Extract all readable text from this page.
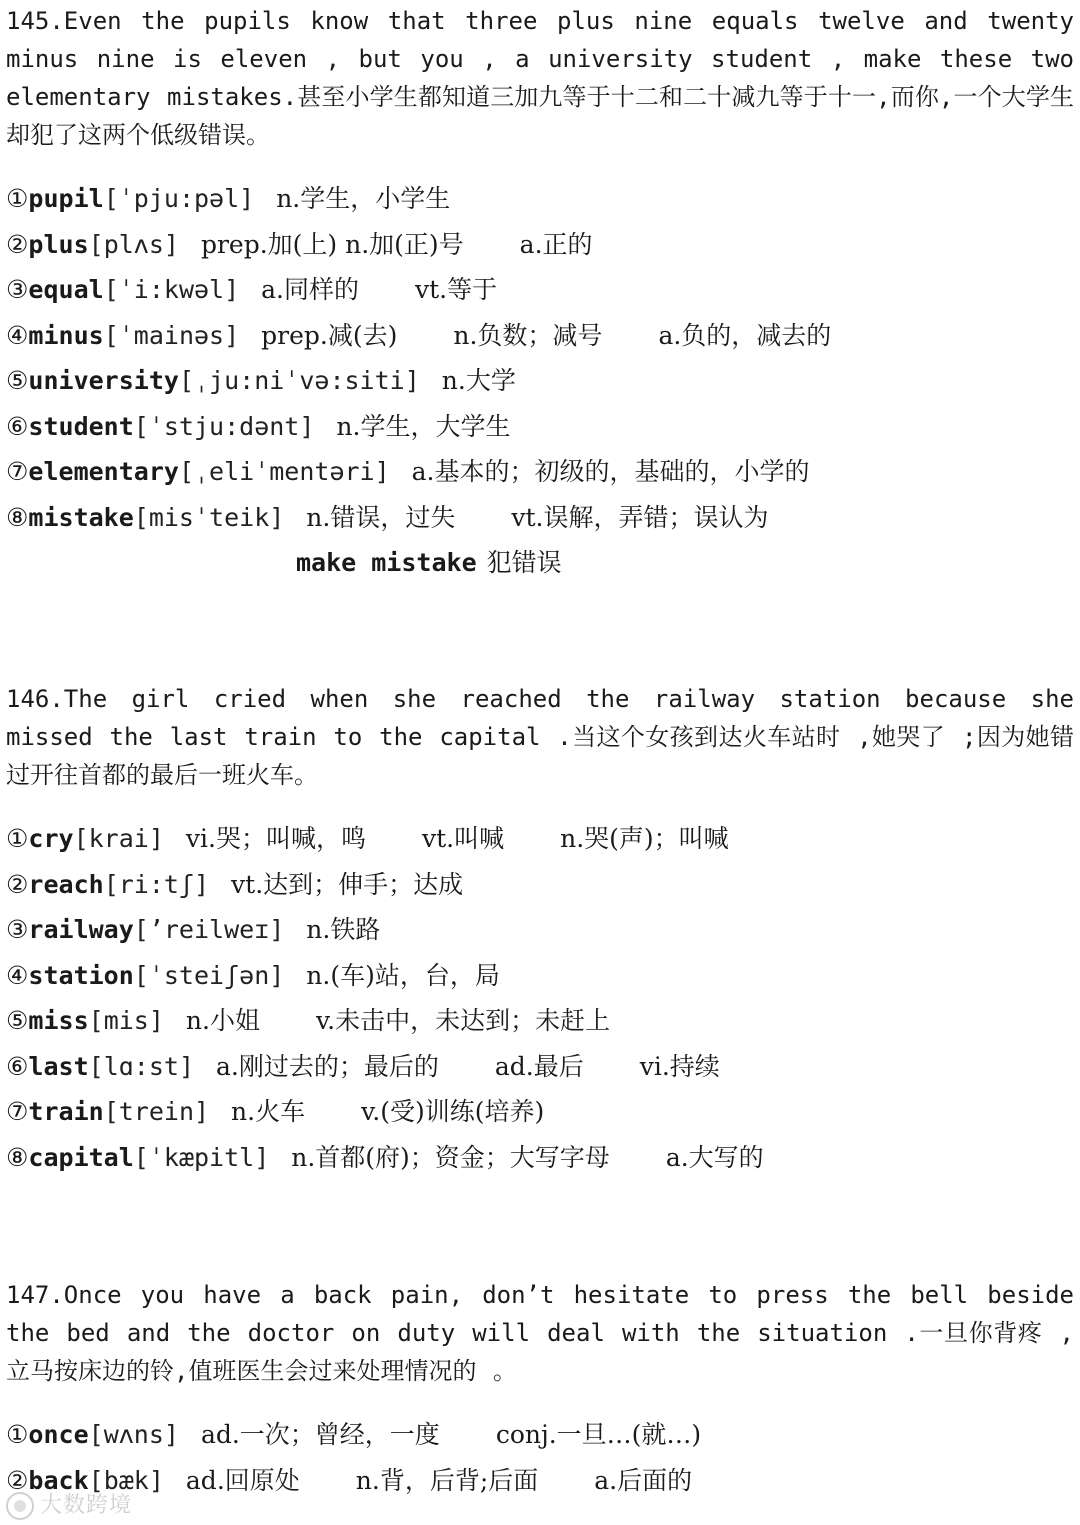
145.Even the pupils know that three plus nine equals twelve and twenty minus nine is eleven , but you , a university student , make these two elementary mistakes.甚至小学生都知道三加九等于十二和二十减九等于十一,而你,一个大学生却犯了这两个低级错误。

①pupil[ˈpju:pəl] n.学生，小学生
②plus[plʌs] prep.加(上) n.加(正)号 a.正的
③equal[ˈi:kwəl] a.同样的 vt.等于
④minus[ˈmainəs] prep.减(去) n.负数；减号 a.负的，减去的
⑤university[ˌju:niˈvə:siti] n.大学
⑥student[ˈstju:dənt] n.学生，大学生
⑦elementary[ˌeliˈmentəri] a.基本的；初级的，基础的，小学的
⑧mistake[misˈteik] n.错误，过失 vt.误解，弄错；误认为
make mistake 犯错误

146.The girl cried when she reached the railway station because she missed the last train to the capital .当这个女孩到达火车站时 ,她哭了 ;因为她错过开往首都的最后一班火车。

①cry[krai] vi.哭；叫喊，鸣 vt.叫喊 n.哭(声)；叫喊
②reach[ri:tʃ] vt.达到；伸手；达成
③railway[’reilweɪ] n.铁路
④station[ˈsteiʃən] n.(车)站，台，局
⑤miss[mis] n.小姐 v.未击中，未达到；未赶上
⑥last[lɑ:st] a.刚过去的；最后的 ad.最后 vi.持续
⑦train[trein] n.火车 v.(受)训练(培养)
⑧capital[ˈkæpitl] n.首都(府)；资金；大写字母 a.大写的

147.Once you have a back pain, don’t hesitate to press the bell beside the bed and the doctor on duty will deal with the situation .一旦你背疼 ,立马按床边的铃,值班医生会过来处理情况的 。

①once[wʌns] ad.一次；曾经，一度 conj.一旦…(就…)
②back[bæk] ad.回原处 n.背，后背;后面 a.后面的
大数跨境
